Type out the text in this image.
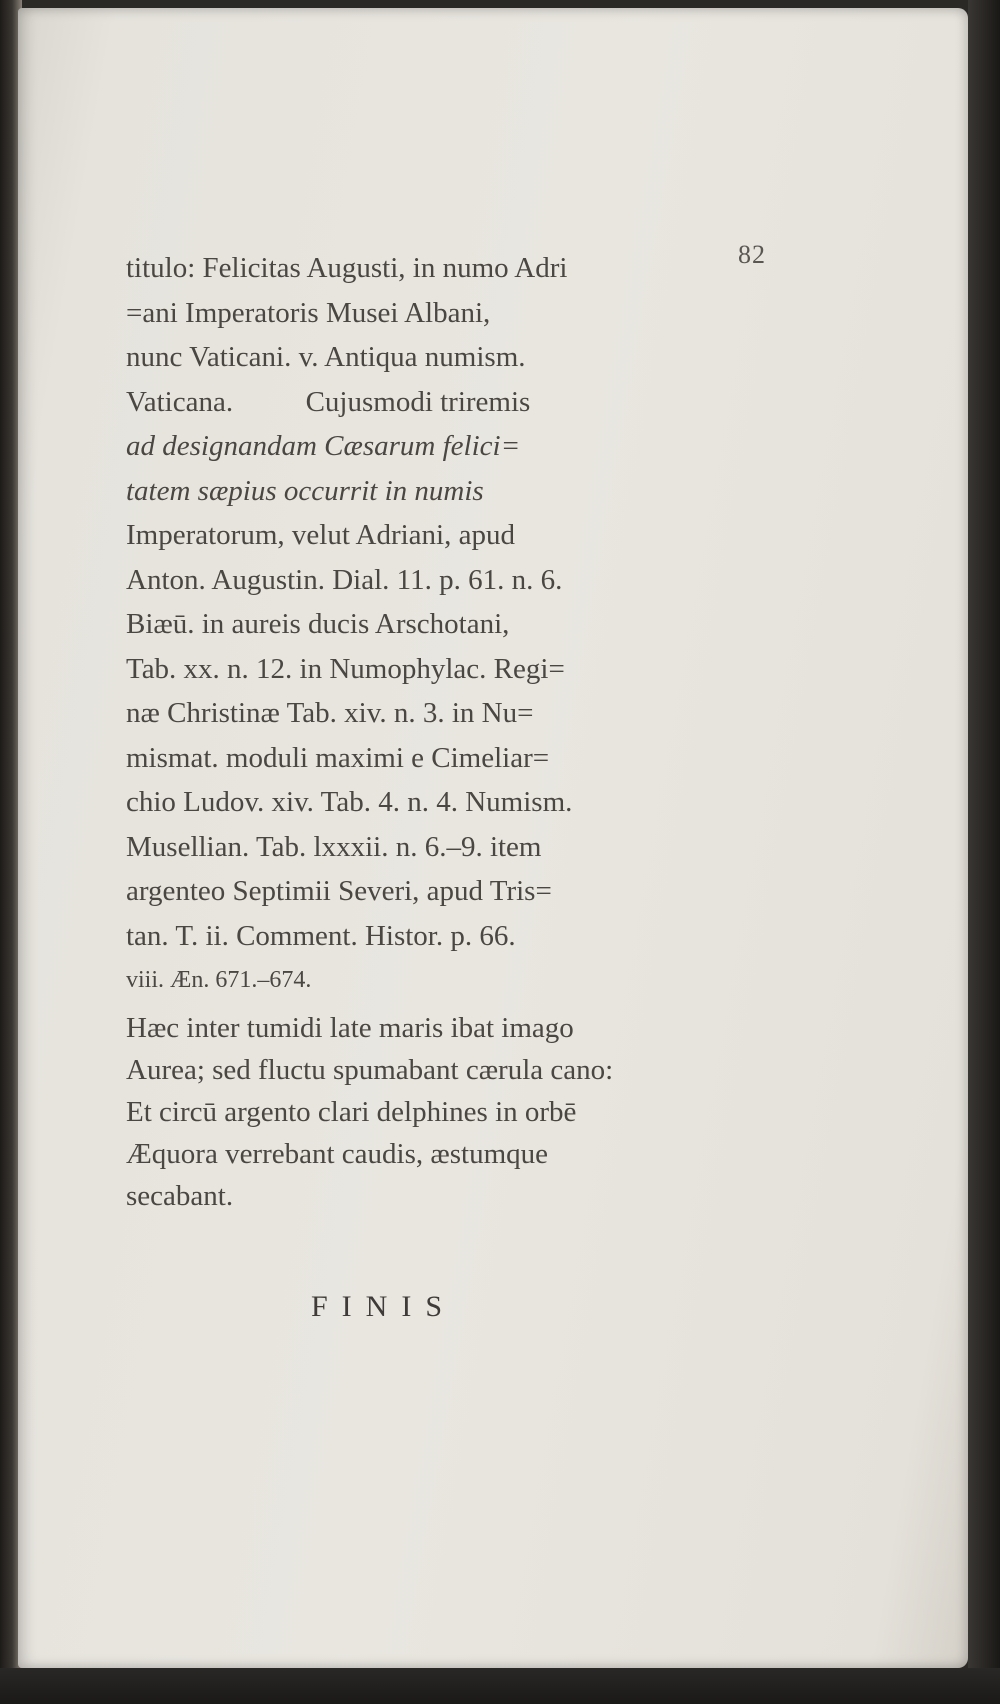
82
titulo: Felicitas Augusti, in numo Adri
=ani Imperatoris Musei Albani,
nunc Vaticani. v. Antiqua numism.
Vaticana.          Cujusmodi triremis
ad designandam Cæsarum felici=
tatem sæpius occurrit in numis
Imperatorum, velut Adriani, apud
Anton. Augustin. Dial. 11. p. 61. n. 6.
Biæū. in aureis ducis Arschotani,
Tab. xx. n. 12. in Numophylac. Regi=
næ Christinæ Tab. xiv. n. 3. in Nu=
mismat. moduli maximi e Cimeliar=
chio Ludov. xiv. Tab. 4. n. 4. Numism.
Musellian. Tab. lxxxii. n. 6.–9. item
argenteo Septimii Severi, apud Tris=
tan. T. ii. Comment. Histor. p. 66.
viii. Æn. 671.–674.
Hæc inter tumidi late maris ibat imago
Aurea; sed fluctu spumabant cærula cano:
Et circū argento clari delphines in orbē
Æquora verrebant caudis, æstumque
secabant.
FINIS
